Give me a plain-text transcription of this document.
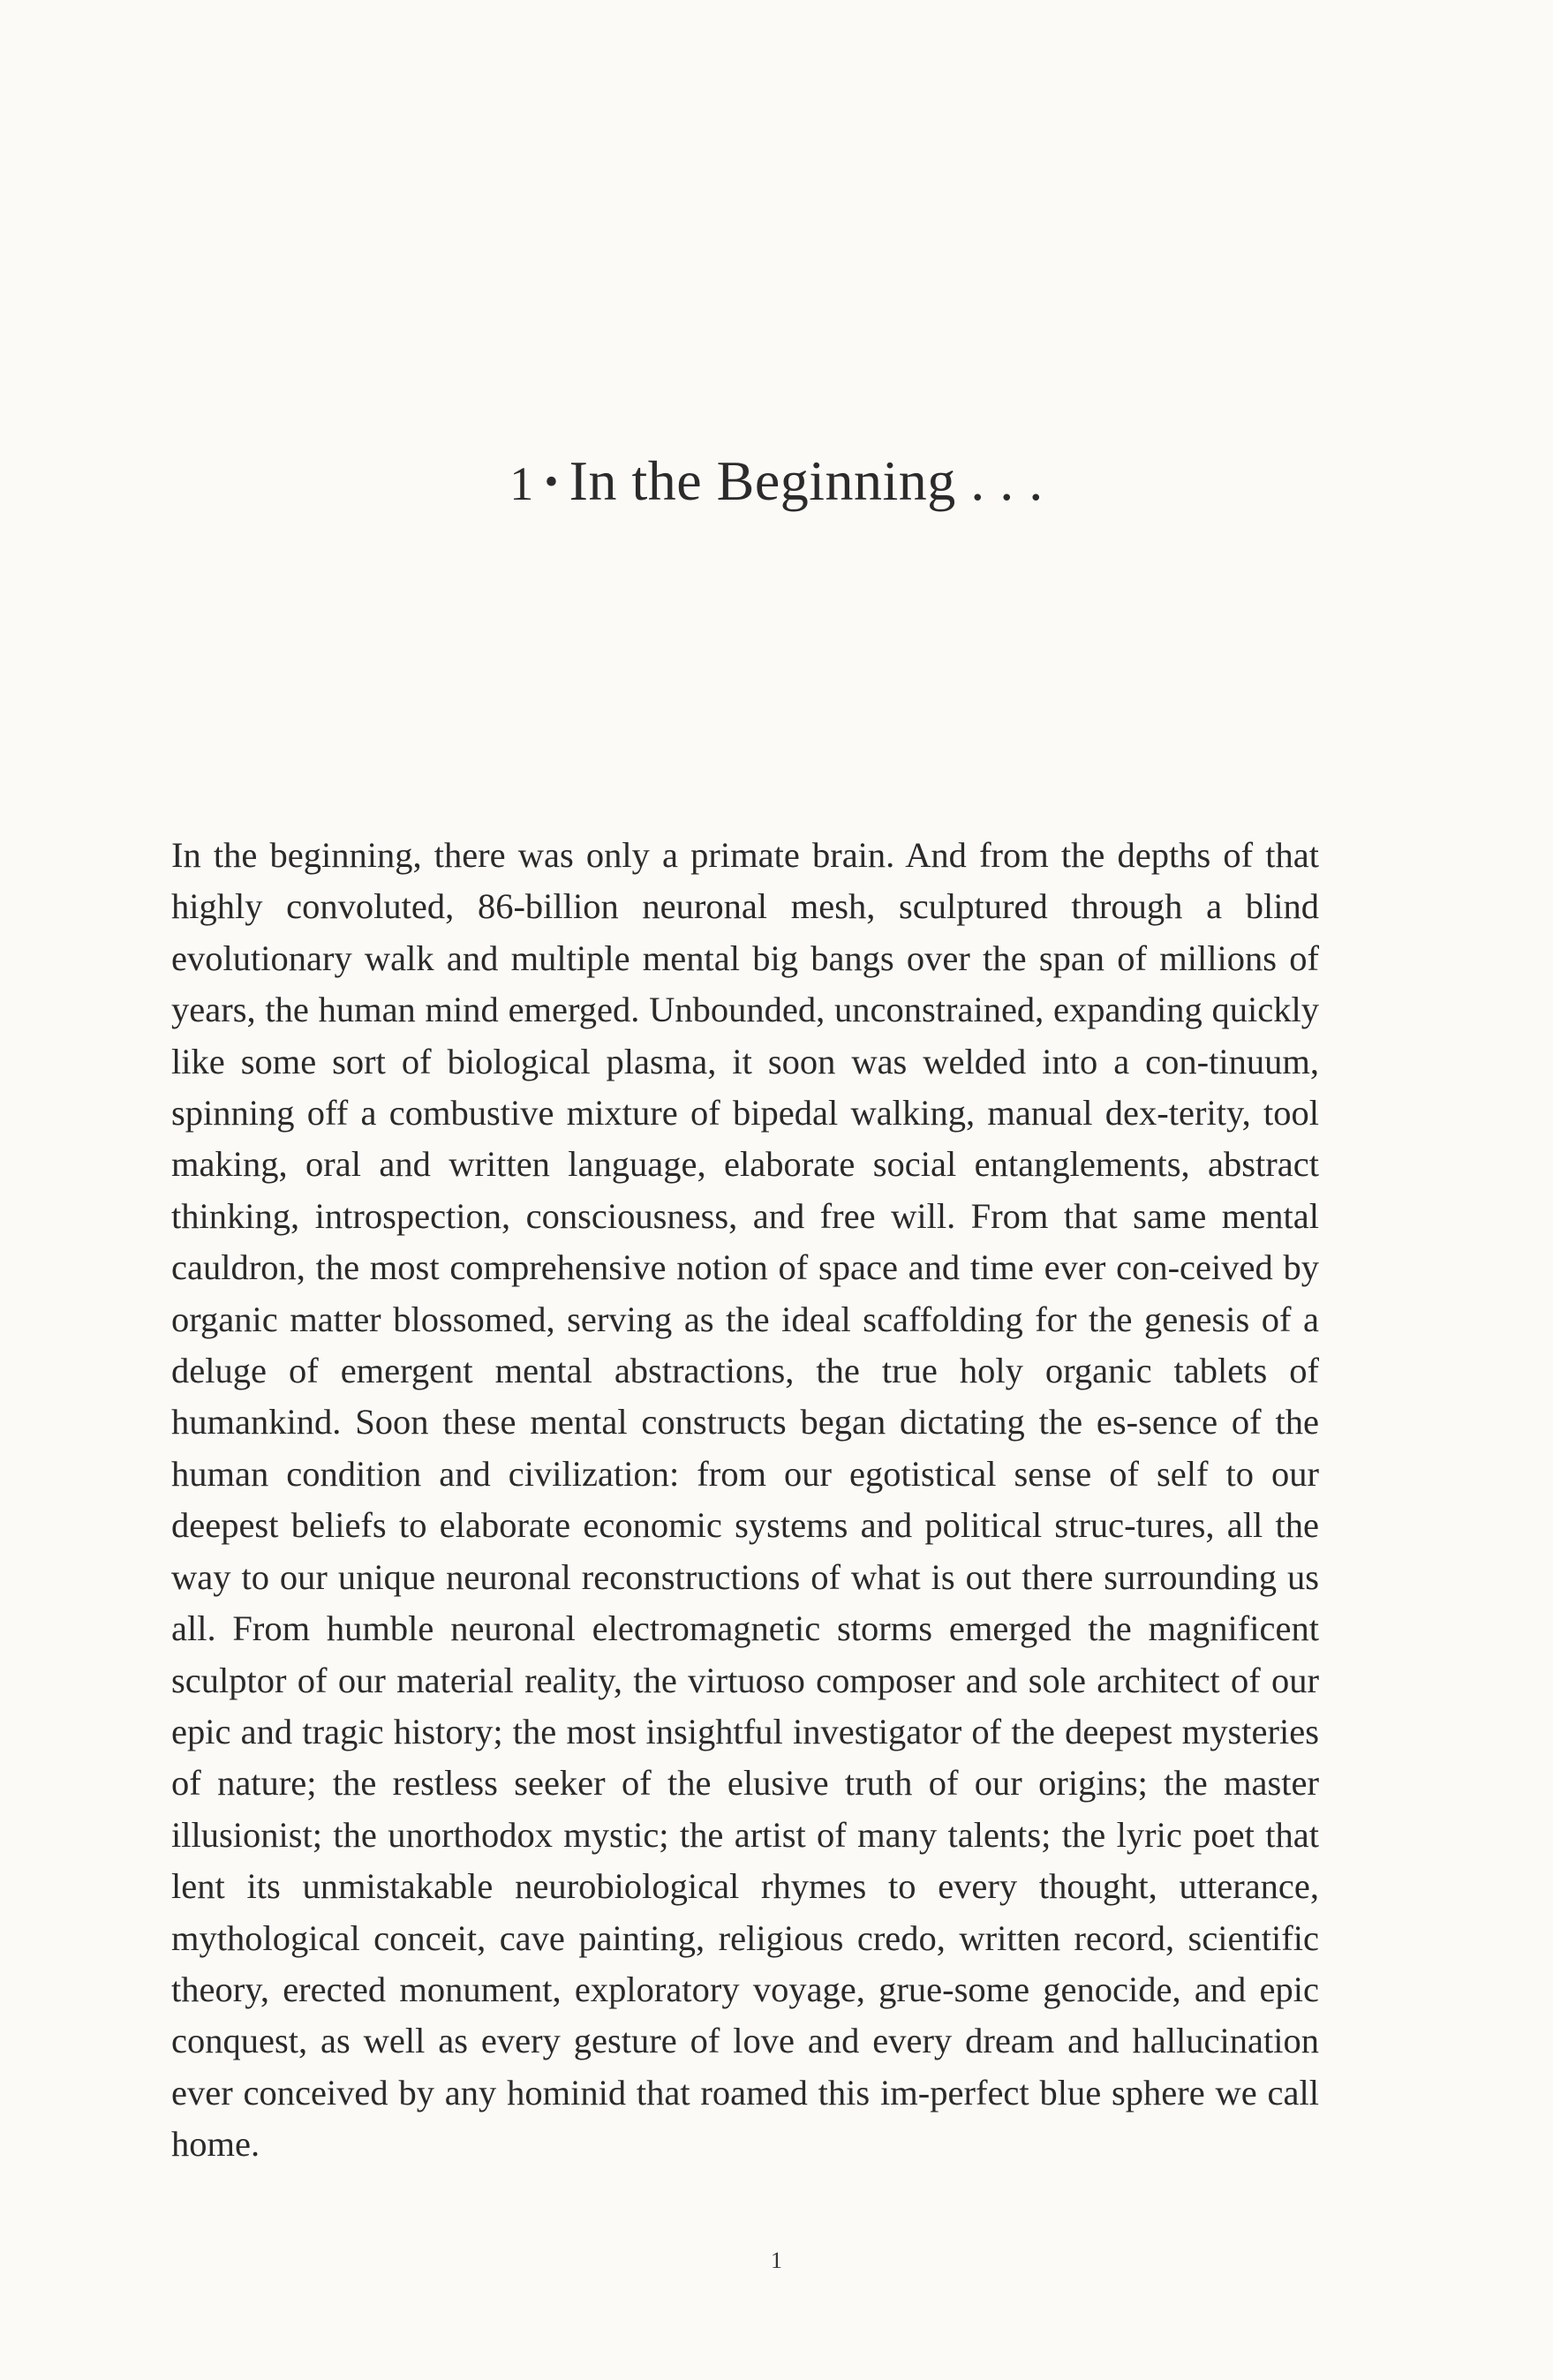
1 • In the Beginning . . .

In the beginning, there was only a primate brain. And from the depths of that highly convoluted, 86-billion neuronal mesh, sculptured through a blind evolutionary walk and multiple mental big bangs over the span of millions of years, the human mind emerged. Unbounded, unconstrained, expanding quickly like some sort of biological plasma, it soon was welded into a con-tinuum, spinning off a combustive mixture of bipedal walking, manual dex-terity, tool making, oral and written language, elaborate social entanglements, abstract thinking, introspection, consciousness, and free will. From that same mental cauldron, the most comprehensive notion of space and time ever con-ceived by organic matter blossomed, serving as the ideal scaffolding for the genesis of a deluge of emergent mental abstractions, the true holy organic tablets of humankind. Soon these mental constructs began dictating the es-sence of the human condition and civilization: from our egotistical sense of self to our deepest beliefs to elaborate economic systems and political struc-tures, all the way to our unique neuronal reconstructions of what is out there surrounding us all. From humble neuronal electromagnetic storms emerged the magnificent sculptor of our material reality, the virtuoso composer and sole architect of our epic and tragic history; the most insightful investigator of the deepest mysteries of nature; the restless seeker of the elusive truth of our origins; the master illusionist; the unorthodox mystic; the artist of many talents; the lyric poet that lent its unmistakable neurobiological rhymes to every thought, utterance, mythological conceit, cave painting, religious credo, written record, scientific theory, erected monument, exploratory voyage, grue-some genocide, and epic conquest, as well as every gesture of love and every dream and hallucination ever conceived by any hominid that roamed this im-perfect blue sphere we call home.

1
